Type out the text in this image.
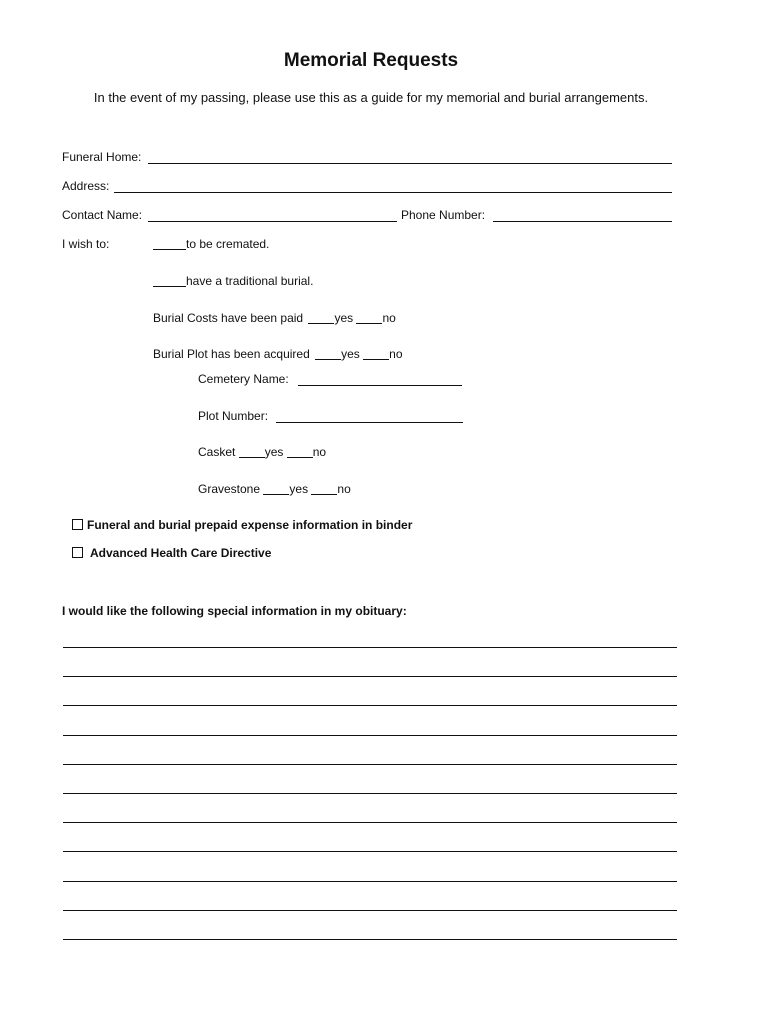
Memorial Requests
In the event of my passing, please use this as a guide for my memorial and burial arrangements.
Funeral Home:
Address:
Contact Name:	Phone Number:
I wish to:	to be cremated.
have a traditional burial.
Burial Costs have been paid	yes no
Burial Plot has been acquired	yes no
Cemetery Name:
Plot Number:
Casket yes no
Gravestone yes no
Funeral and burial prepaid expense information in binder
Advanced Health Care Directive
I would like the following special information in my obituary:
